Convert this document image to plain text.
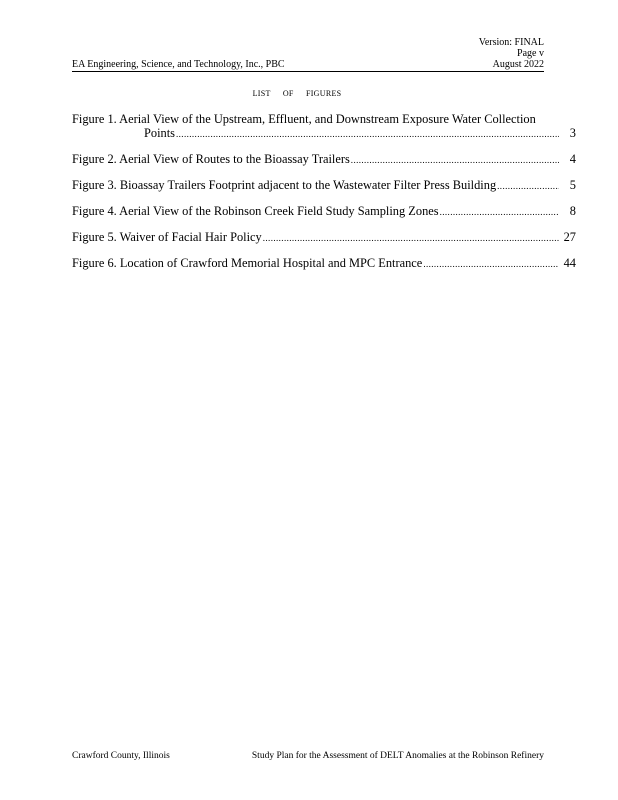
Version: FINAL
Page v
August 2022
EA Engineering, Science, and Technology, Inc., PBC
LIST OF FIGURES
Figure 1. Aerial View of the Upstream, Effluent, and Downstream Exposure Water Collection
Points .....	3
Figure 2. Aerial View of Routes to the Bioassay Trailers .....	4
Figure 3. Bioassay Trailers Footprint adjacent to the Wastewater Filter Press Building .....	5
Figure 4. Aerial View of the Robinson Creek Field Study Sampling Zones .....	8
Figure 5. Waiver of Facial Hair Policy .....	27
Figure 6. Location of Crawford Memorial Hospital and MPC Entrance .....	44
Crawford County, Illinois	Study Plan for the Assessment of DELT Anomalies at the Robinson Refinery
